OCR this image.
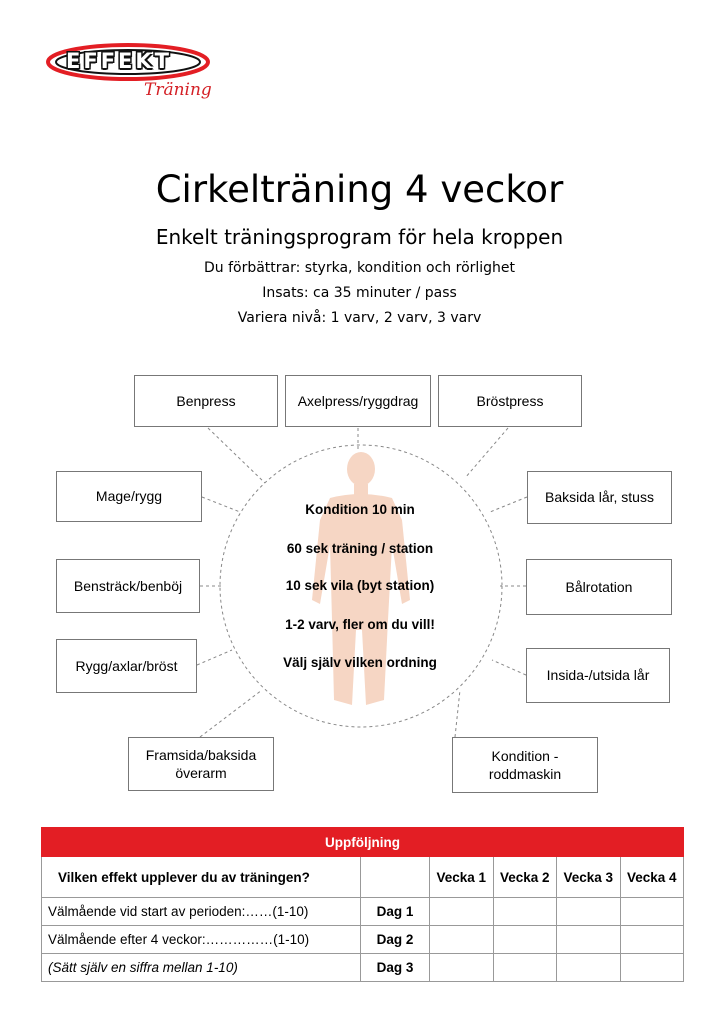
EFFEKT
Träning
Cirkelträning 4 veckor
Enkelt träningsprogram för hela kroppen
Du förbättrar: styrka, kondition och rörlighet
Insats: ca 35 minuter / pass
Variera nivå: 1 varv, 2 varv, 3 varv
Benpress	Axelpress/ryggdrag	Bröstpress
Mage/rygg	Baksida lår, stuss
Bensträck/benböj	Bålrotation
Rygg/axlar/bröst
Insida-/utsida lår
Framsida/baksida
överarm
Kondition -
roddmaskin
Kondition 10 min
60 sek träning / station
10 sek vila (byt station)
1-2 varv, fler om du vill!
Välj själv vilken ordning
Uppföljning					
Vilken effekt upplever du av träningen?		Vecka 1	Vecka 2	Vecka 3	Vecka 4
Välmående vid start av perioden:……(1-10)	Dag 1				
Välmående efter 4 veckor:……………(1-10)	Dag 2				
(Sätt själv en siffra mellan 1-10)	Dag 3				
